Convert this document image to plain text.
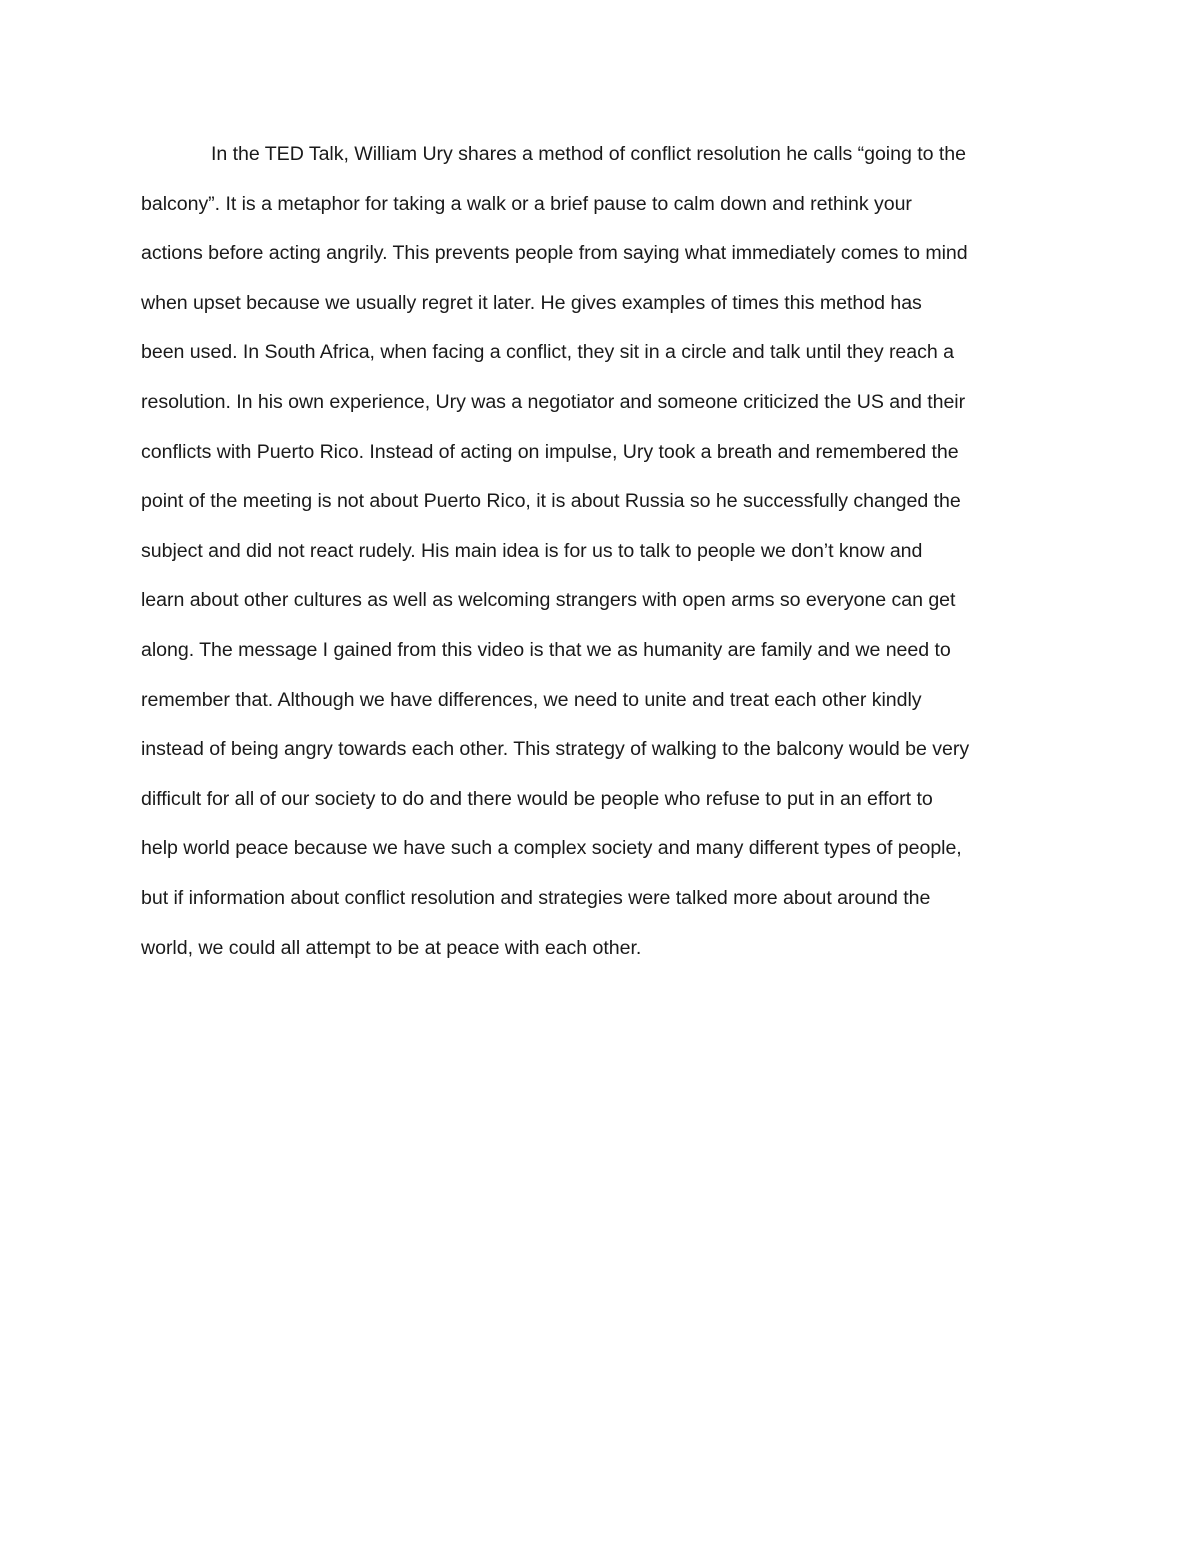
In the TED Talk, William Ury shares a method of conflict resolution he calls “going to the
balcony”. It is a metaphor for taking a walk or a brief pause to calm down and rethink your
actions before acting angrily. This prevents people from saying what immediately comes to mind
when upset because we usually regret it later. He gives examples of times this method has
been used. In South Africa, when facing a conflict, they sit in a circle and talk until they reach a
resolution. In his own experience, Ury was a negotiator and someone criticized the US and their
conflicts with Puerto Rico. Instead of acting on impulse, Ury took a breath and remembered the
point of the meeting is not about Puerto Rico, it is about Russia so he successfully changed the
subject and did not react rudely. His main idea is for us to talk to people we don’t know and
learn about other cultures as well as welcoming strangers with open arms so everyone can get
along. The message I gained from this video is that we as humanity are family and we need to
remember that. Although we have differences, we need to unite and treat each other kindly
instead of being angry towards each other. This strategy of walking to the balcony would be very
difficult for all of our society to do and there would be people who refuse to put in an effort to
help world peace because we have such a complex society and many different types of people,
but if information about conflict resolution and strategies were talked more about around the
world, we could all attempt to be at peace with each other.
